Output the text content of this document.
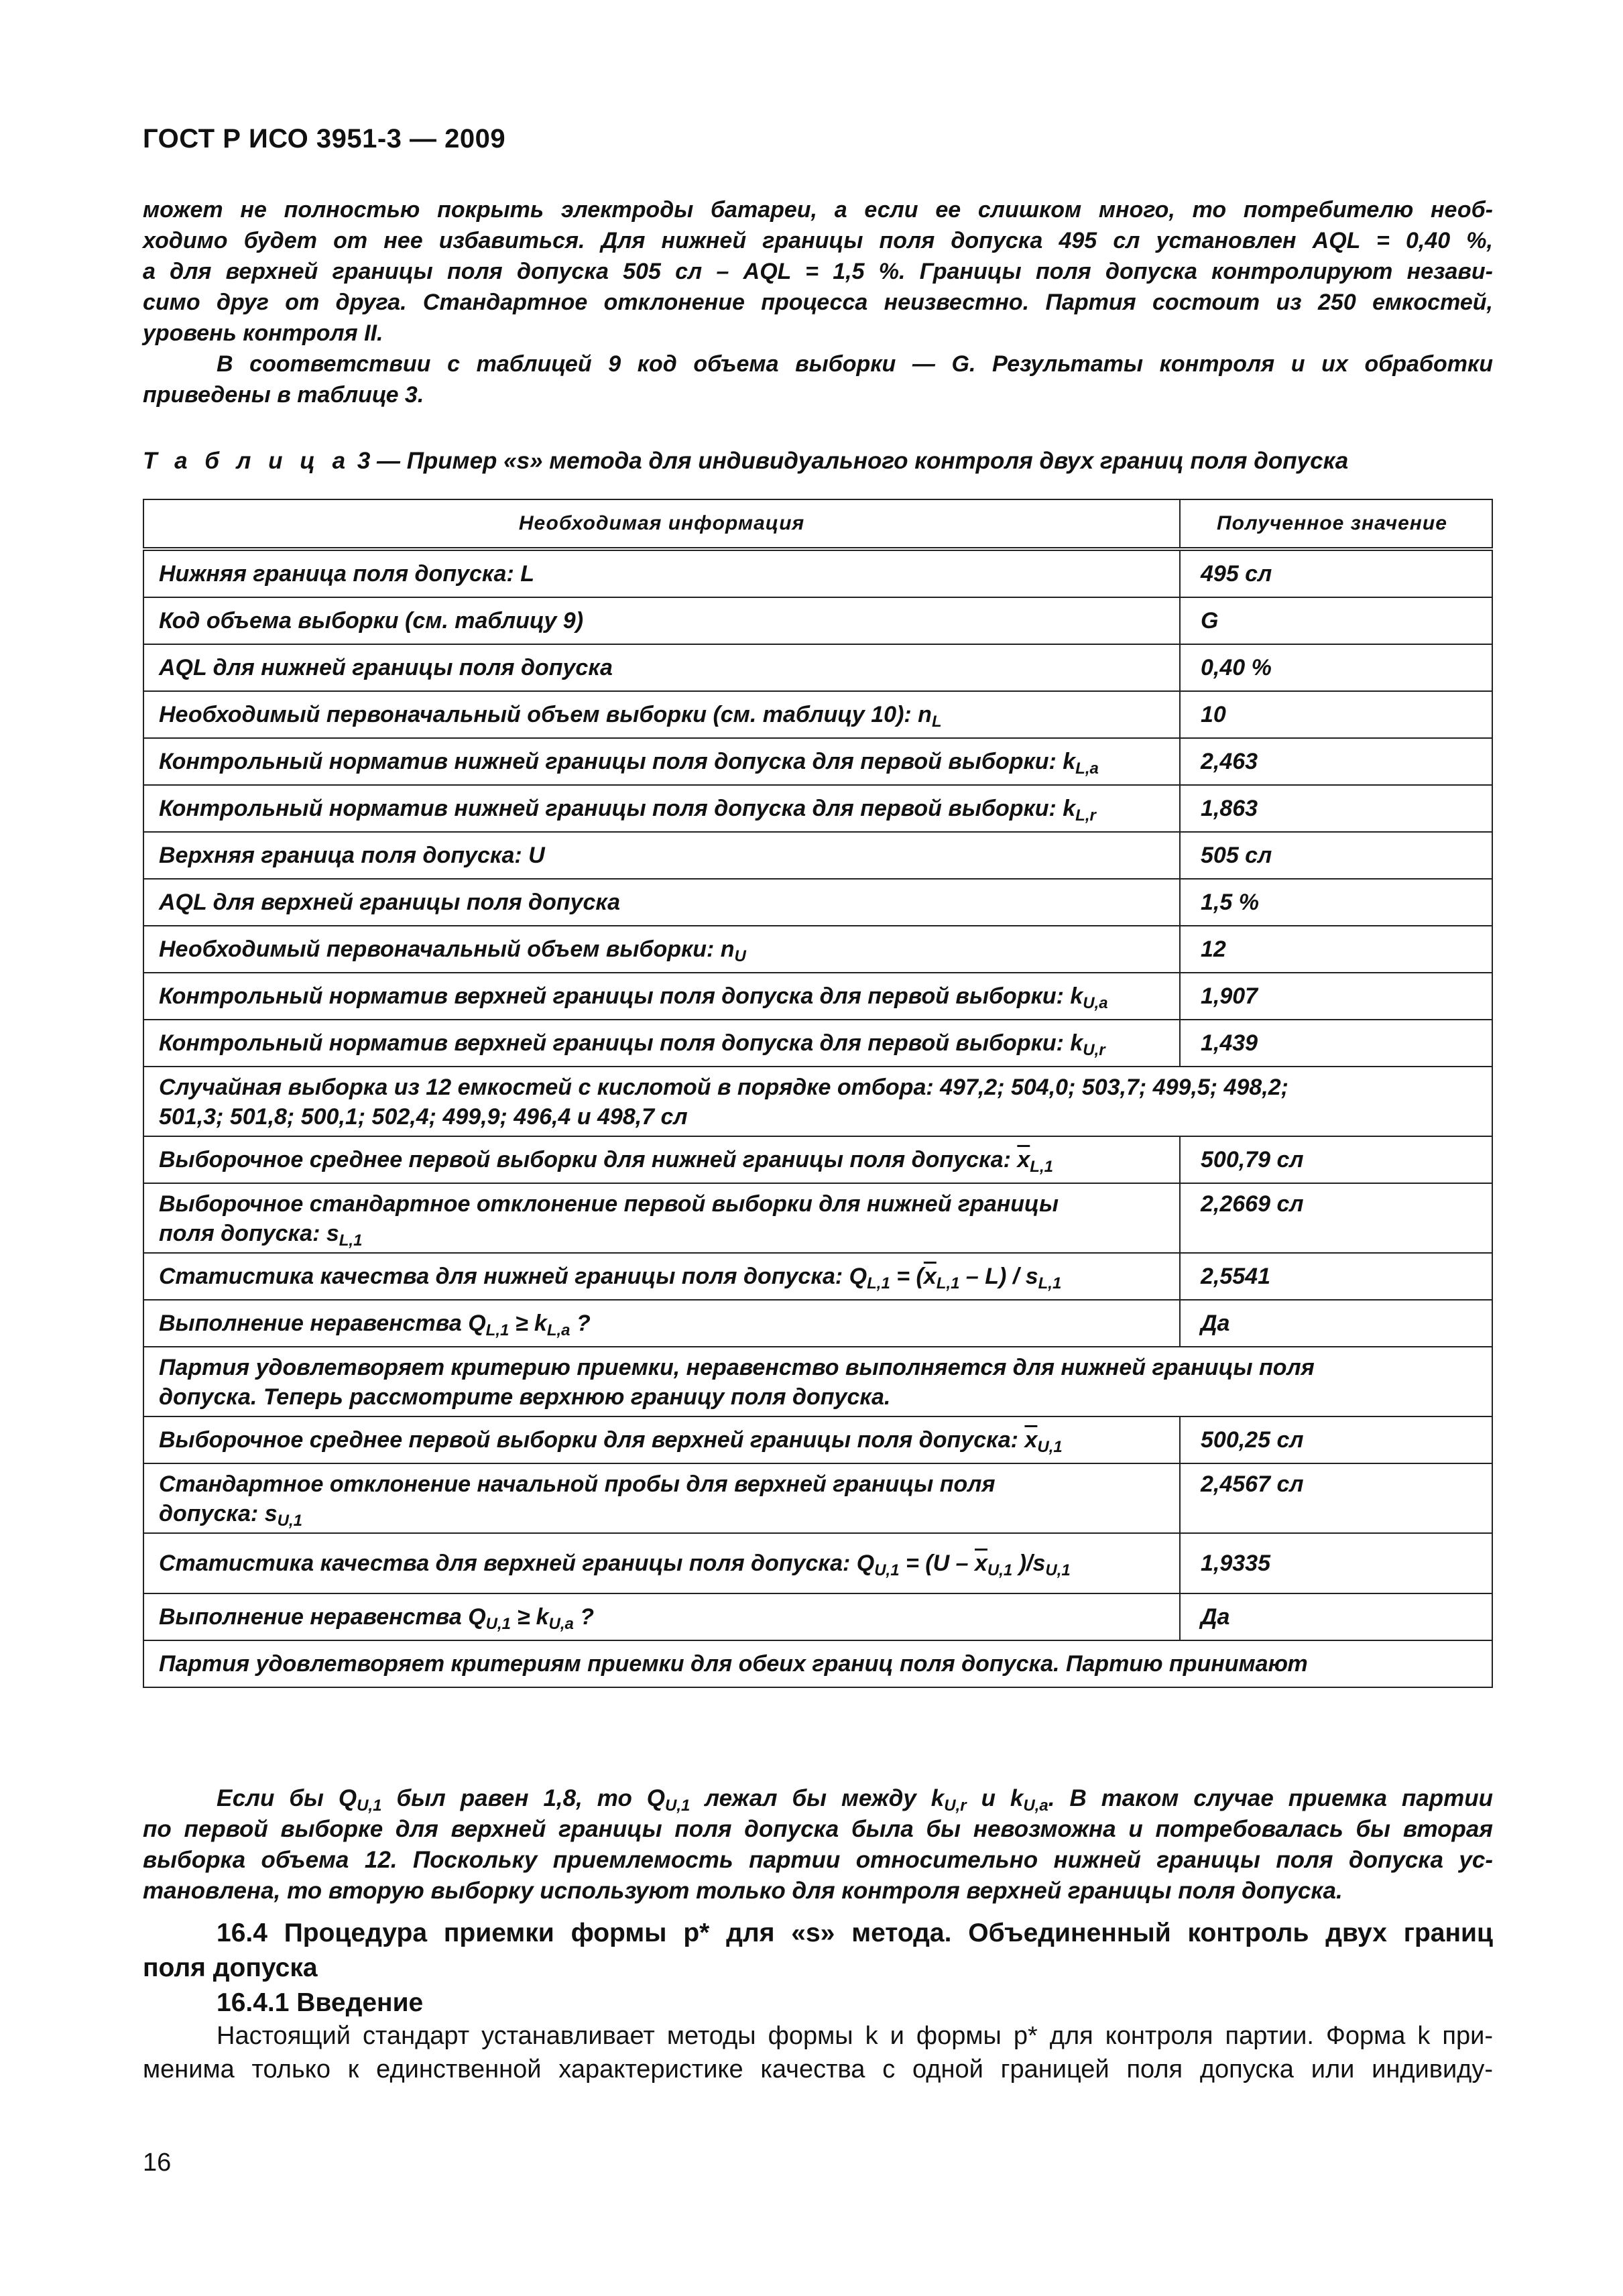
ГОСТ Р ИСО 3951-3 — 2009
может не полностью покрыть электроды батареи, а если ее слишком много, то потребителю необ-
ходимо будет от нее избавиться. Для нижней границы поля допуска 495 сл установлен AQL = 0,40 %,
а для верхней границы поля допуска 505 сл – AQL = 1,5 %. Границы поля допуска контролируют незави-
симо друг от друга. Стандартное отклонение процесса неизвестно. Партия состоит из 250 емкостей,
уровень контроля II.
В соответствии с таблицей 9 код объема выборки — G. Результаты контроля и их обработки
приведены в таблице 3.
Т а б л и ц а 3 — Пример «s» метода для индивидуального контроля двух границ поля допуска
Необходимая информация	Полученное значение
Нижняя граница поля допуска: L	495 сл
Код объема выборки (см. таблицу 9)	G
AQL для нижней границы поля допуска	0,40 %
Необходимый первоначальный объем выборки (см. таблицу 10): $n_L$	10
Контрольный норматив нижней границы поля допуска для первой выборки: $k_{L,a}$	2,463
Контрольный норматив нижней границы поля допуска для первой выборки: $k_{L,r}$	1,863
Верхняя граница поля допуска: U	505 сл
AQL для верхней границы поля допуска	1,5 %
Необходимый первоначальный объем выборки: $n_U$	12
Контрольный норматив верхней границы поля допуска для первой выборки: $k_{U,a}$	1,907
Контрольный норматив верхней границы поля допуска для первой выборки: $k_{U,r}$	1,439

Случайная выборка из 12 емкостей с кислотой в порядке отбора: 497,2; 504,0; 503,7; 499,5; 498,2;
501,3; 501,8; 500,1; 502,4; 499,9; 496,4 и 498,7 сл	

Выборочное среднее первой выборки для нижней границы поля допуска: $\overline{x}_{L,1}$	500,79 сл

Выборочное стандартное отклонение первой выборки для нижней границы
поля допуска: $s_{L,1}$	2,2669 сл
Статистика качества для нижней границы поля допуска: $Q_{L,1} = (\overline{x}_{L,1} - L) / s_{L,1}$	2,5541
Выполнение неравенства $Q_{L,1} \ge k_{L,a}$ ?	Да

Партия удовлетворяет критерию приемки, неравенство выполняется для нижней границы поля
допуска. Теперь рассмотрите верхнюю границу поля допуска.	

Выборочное среднее первой выборки для верхней границы поля допуска: $\overline{x}_{U,1}$	500,25 сл

Стандартное отклонение начальной пробы для верхней границы поля
допуска: $s_{U,1}$	2,4567 сл
Статистика качества для верхней границы поля допуска: $Q_{U,1} = (U - \overline{x}_{U,1}$ )$/s_{U,1}$	1,9335
Выполнение неравенства $Q_{U,1} \ge k_{U,a}$ ?	Да
Партия удовлетворяет критериям приемки для обеих границ поля допуска. Партию принимают	
Если бы $Q_{U,1}$ был равен 1,8, то $Q_{U,1}$ лежал бы между $k_{U,r}$ и $k_{U,a}$. В таком случае приемка партии
по первой выборке для верхней границы поля допуска была бы невозможна и потребовалась бы вторая
выборка объема 12. Поскольку приемлемость партии относительно нижней границы поля допуска ус-
тановлена, то вторую выборку используют только для контроля верхней границы поля допуска.
16.4 Процедура приемки формы p* для «s» метода. Объединенный контроль двух границ
поля допуска
16.4.1 Введение
Настоящий стандарт устанавливает методы формы k и формы p* для контроля партии. Форма k при-
менима только к единственной характеристике качества с одной границей поля допуска или индивиду-
16
